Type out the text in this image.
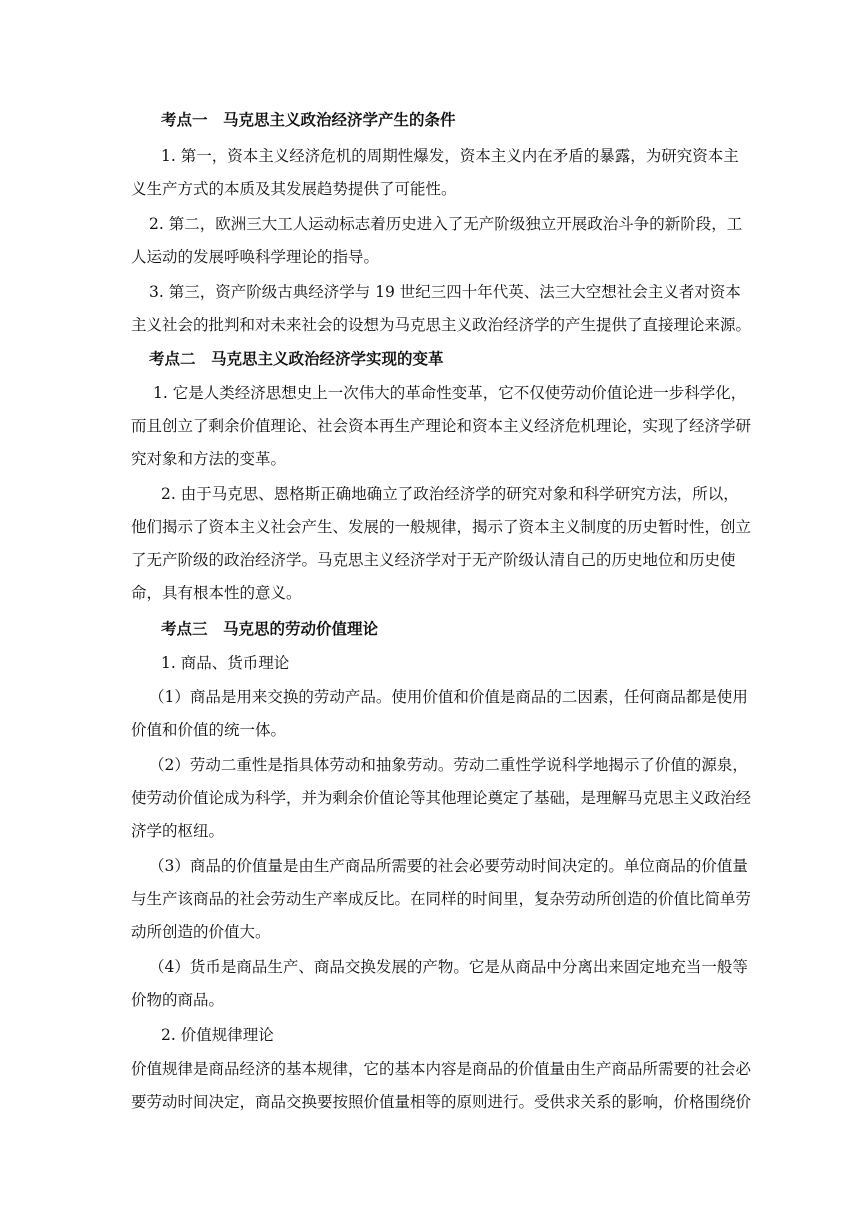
考点一　马克思主义政治经济学产生的条件
1. 第一，资本主义经济危机的周期性爆发，资本主义内在矛盾的暴露，为研究资本主
义生产方式的本质及其发展趋势提供了可能性。
2. 第二，欧洲三大工人运动标志着历史进入了无产阶级独立开展政治斗争的新阶段，工
人运动的发展呼唤科学理论的指导。
3. 第三，资产阶级古典经济学与 19 世纪三四十年代英、法三大空想社会主义者对资本
主义社会的批判和对未来社会的设想为马克思主义政治经济学的产生提供了直接理论来源。
考点二　马克思主义政治经济学实现的变革
1. 它是人类经济思想史上一次伟大的革命性变革，它不仅使劳动价值论进一步科学化，
而且创立了剩余价值理论、社会资本再生产理论和资本主义经济危机理论，实现了经济学研
究对象和方法的变革。
2. 由于马克思、恩格斯正确地确立了政治经济学的研究对象和科学研究方法，所以，
他们揭示了资本主义社会产生、发展的一般规律，揭示了资本主义制度的历史暂时性，创立
了无产阶级的政治经济学。马克思主义经济学对于无产阶级认清自己的历史地位和历史使
命，具有根本性的意义。
考点三　马克思的劳动价值理论
1. 商品、货币理论
（1）商品是用来交换的劳动产品。使用价值和价值是商品的二因素，任何商品都是使用
价值和价值的统一体。
（2）劳动二重性是指具体劳动和抽象劳动。劳动二重性学说科学地揭示了价值的源泉，
使劳动价值论成为科学，并为剩余价值论等其他理论奠定了基础，是理解马克思主义政治经
济学的枢纽。
（3）商品的价值量是由生产商品所需要的社会必要劳动时间决定的。单位商品的价值量
与生产该商品的社会劳动生产率成反比。在同样的时间里，复杂劳动所创造的价值比简单劳
动所创造的价值大。
（4）货币是商品生产、商品交换发展的产物。它是从商品中分离出来固定地充当一般等
价物的商品。
2. 价值规律理论
价值规律是商品经济的基本规律，它的基本内容是商品的价值量由生产商品所需要的社会必
要劳动时间决定，商品交换要按照价值量相等的原则进行。受供求关系的影响，价格围绕价
